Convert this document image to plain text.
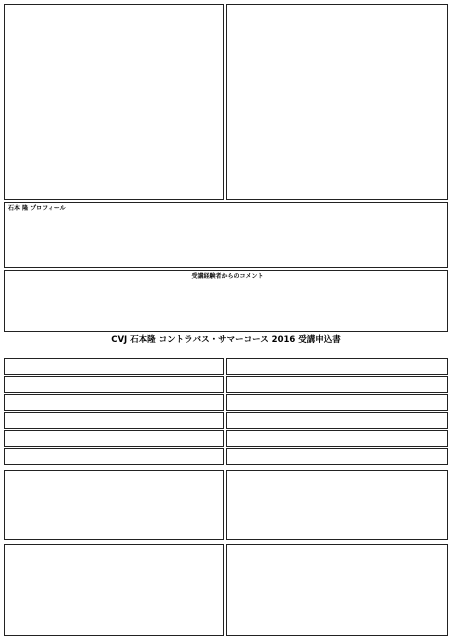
石本 隆 プロフィール
受講経験者からのコメント
CVJ 石本隆 コントラバス・サマーコース 2016 受講申込書
